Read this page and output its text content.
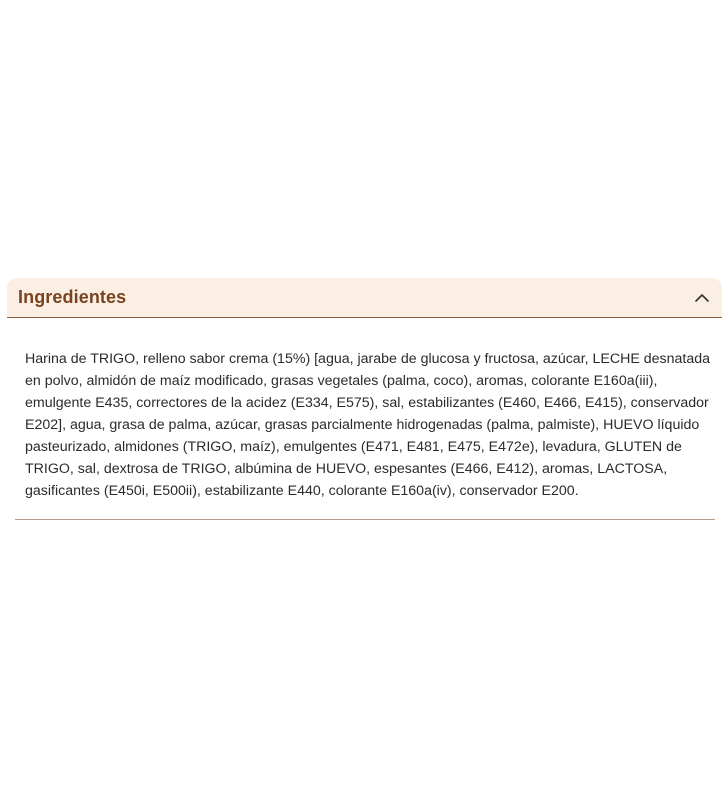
Ingredientes

Harina de TRIGO, relleno sabor crema (15%) [agua, jarabe de glucosa y fructosa, azúcar, LECHE desnatada en polvo, almidón de maíz modificado, grasas vegetales (palma, coco), aromas, colorante E160a(iii), emulgente E435, correctores de la acidez (E334, E575), sal, estabilizantes (E460, E466, E415), conservador E202], agua, grasa de palma, azúcar, grasas parcialmente hidrogenadas (palma, palmiste), HUEVO líquido pasteurizado, almidones (TRIGO, maíz), emulgentes (E471, E481, E475, E472e), levadura, GLUTEN de TRIGO, sal, dextrosa de TRIGO, albúmina de HUEVO, espesantes (E466, E412), aromas, LACTOSA, gasificantes (E450i, E500ii), estabilizante E440, colorante E160a(iv), conservador E200.
